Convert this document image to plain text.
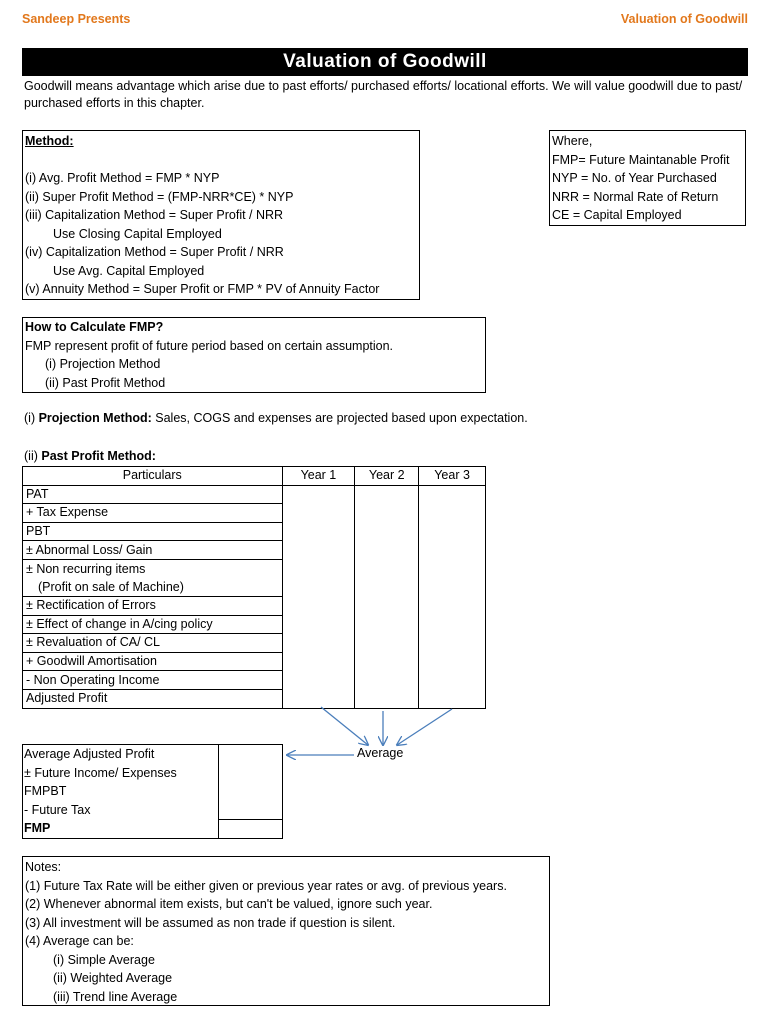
Sandeep Presents	Valuation of Goodwill
Valuation of Goodwill
Goodwill means advantage which arise due to past efforts/ purchased efforts/ locational efforts. We will value goodwill due to past/ purchased efforts in this chapter.
Method:

(i) Avg. Profit Method = FMP * NYP
(ii) Super Profit Method = (FMP-NRR*CE) * NYP
(iii) Capitalization Method = Super Profit / NRR
Use Closing Capital Employed
(iv) Capitalization Method = Super Profit / NRR
Use Avg. Capital Employed
(v) Annuity Method = Super Profit or FMP * PV of Annuity Factor
Where,
FMP= Future Maintanable Profit
NYP = No. of Year Purchased
NRR = Normal Rate of Return
CE = Capital Employed
How to Calculate FMP?
FMP represent profit of future period based on certain assumption.
(i) Projection Method
(ii) Past Profit Method
(i) Projection Method: Sales, COGS and expenses are projected based upon expectation.
(ii) Past Profit Method:
Particulars	Year 1	Year 2	Year 3
PAT			
+ Tax Expense			
PBT			
± Abnormal Loss/ Gain			
± Non recurring items
(Profit on sale of Machine)			
± Rectification of Errors			
± Effect of change in A/cing policy			
± Revaluation of CA/ CL			
+ Goodwill Amortisation			
- Non Operating Income			
Adjusted Profit			
Average
Average Adjusted Profit
± Future Income/ Expenses
FMPBT
- Future Tax
FMP
Notes:
(1) Future Tax Rate will be either given or previous year rates or avg. of previous years.
(2) Whenever abnormal item exists, but can't be valued, ignore such year.
(3) All investment will be assumed as non trade if question is silent.
(4) Average can be:
(i) Simple Average
(ii) Weighted Average
(iii) Trend line Average
